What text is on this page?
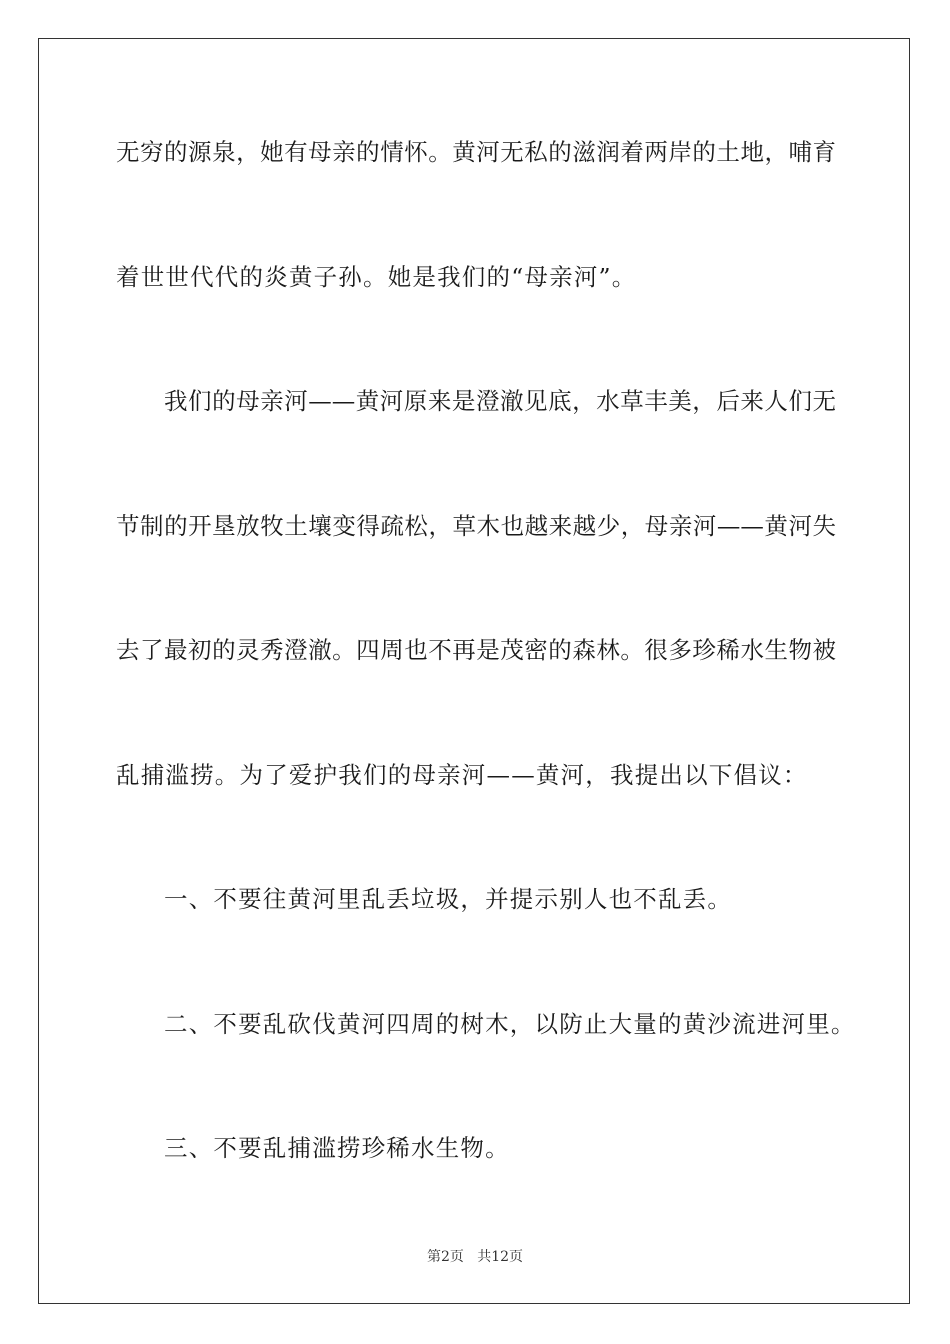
无穷的源泉，她有母亲的情怀。黄河无私的滋润着两岸的土地，哺育
着世世代代的炎黄子孙。她是我们的“母亲河”。
我们的母亲河——黄河原来是澄澈见底，水草丰美，后来人们无
节制的开垦放牧土壤变得疏松，草木也越来越少，母亲河——黄河失
去了最初的灵秀澄澈。四周也不再是茂密的森林。很多珍稀水生物被
乱捕滥捞。为了爱护我们的母亲河——黄河，我提出以下倡议：
一、不要往黄河里乱丢垃圾，并提示别人也不乱丢。
二、不要乱砍伐黄河四周的树木，以防止大量的黄沙流进河里。
三、不要乱捕滥捞珍稀水生物。
第2页   共12页
